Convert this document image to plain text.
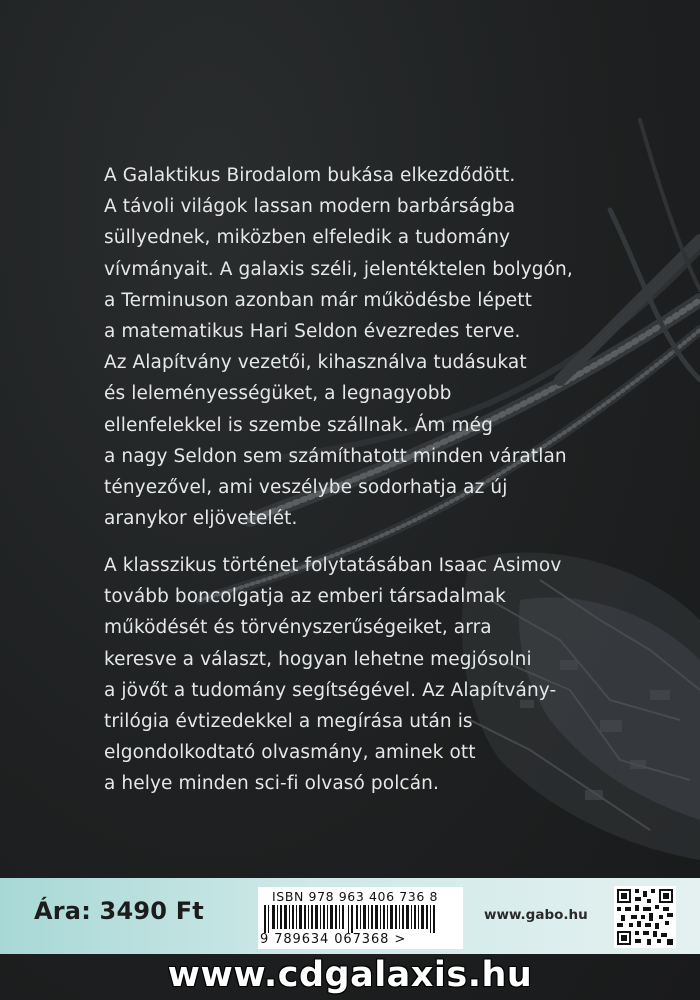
A Galaktikus Birodalom bukása elkezdődött.
A távoli világok lassan modern barbárságba
süllyednek, miközben elfeledik a tudomány
vívmányait. A galaxis széli, jelentéktelen bolygón,
a Terminuson azonban már működésbe lépett
a matematikus Hari Seldon évezredes terve.
Az Alapítvány vezetői, kihasználva tudásukat
és leleményességüket, a legnagyobb
ellenfelekkel is szembe szállnak. Ám még
a nagy Seldon sem számíthatott minden váratlan
tényezővel, ami veszélybe sodorhatja az új
aranykor eljövetelét.
A klasszikus történet folytatásában Isaac Asimov
tovább boncolgatja az emberi társadalmak
működését és törvényszerűségeiket, arra
keresve a választ, hogyan lehetne megjósolni
a jövőt a tudomány segítségével. Az Alapítvány-
trilógia évtizedekkel a megírása után is
elgondolkodtató olvasmány, aminek ott
a helye minden sci-fi olvasó polcán.
Ára: 3490 Ft
ISBN 978 963 406 736 8
9 789634 067368 >
www.gabo.hu
www.cdgalaxis.hu
